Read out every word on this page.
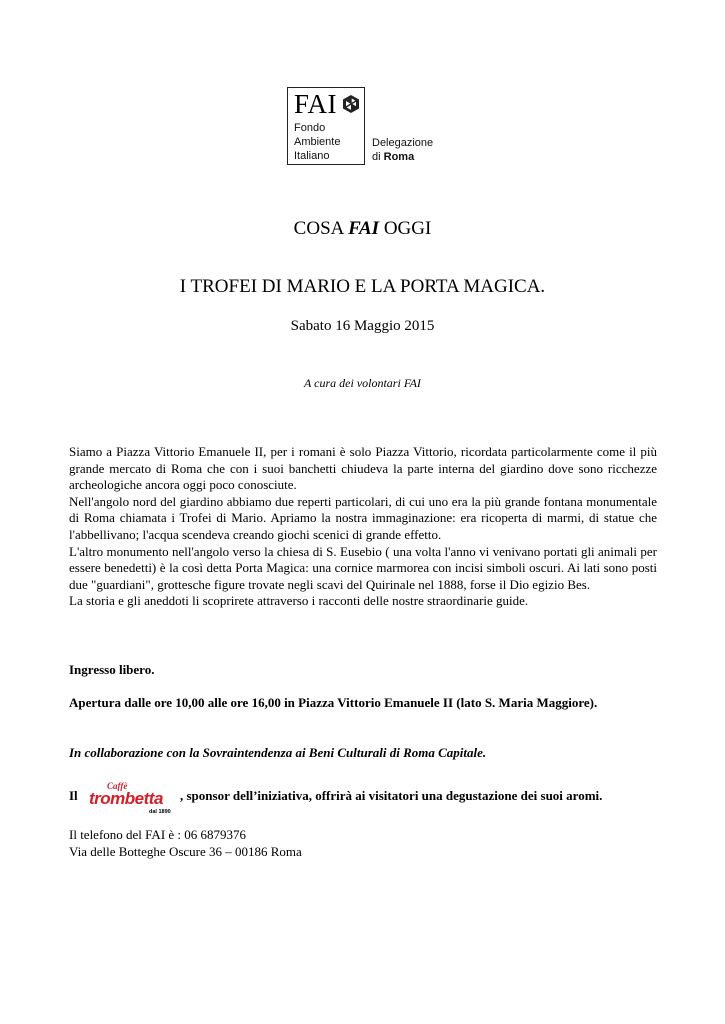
FAI
Fondo
Ambiente
Italiano
Delegazione
di Roma
COSA FAI OGGI
I TROFEI DI MARIO E LA PORTA MAGICA.
Sabato 16 Maggio 2015
A cura dei volontari FAI

Siamo a Piazza Vittorio Emanuele II, per i romani è solo Piazza Vittorio, ricordata particolarmente come il più grande mercato di Roma che con i suoi banchetti chiudeva la parte interna del giardino dove sono ricchezze archeologiche ancora oggi poco conosciute.

Nell'angolo nord del giardino abbiamo due reperti particolari, di cui uno era la più grande fontana monumentale di Roma chiamata i Trofei di Mario. Apriamo la nostra immaginazione: era ricoperta di marmi, di statue che l'abbellivano; l'acqua scendeva creando giochi scenici di grande effetto.

L'altro monumento nell'angolo verso la chiesa di S. Eusebio ( una volta l'anno vi venivano portati gli animali per essere benedetti) è la così detta Porta Magica: una cornice marmorea con incisi simboli oscuri. Ai lati sono posti due "guardiani", grottesche figure trovate negli scavi del Quirinale nel 1888, forse il Dio egizio Bes.

La storia e gli aneddoti li scoprirete attraverso i racconti delle nostre straordinarie guide.

Ingresso libero.
Apertura dalle ore 10,00 alle ore 16,00 in Piazza Vittorio Emanuele II (lato S. Maria Maggiore).
In collaborazione con la Sovraintendenza ai Beni Culturali di Roma Capitale.
Il
Caffè
trombetta
dal 1890
, sponsor dell’iniziativa, offrirà ai visitatori una degustazione dei suoi aromi.

Il telefono del FAI è : 06 6879376

Via delle Botteghe Oscure 36 – 00186 Roma
